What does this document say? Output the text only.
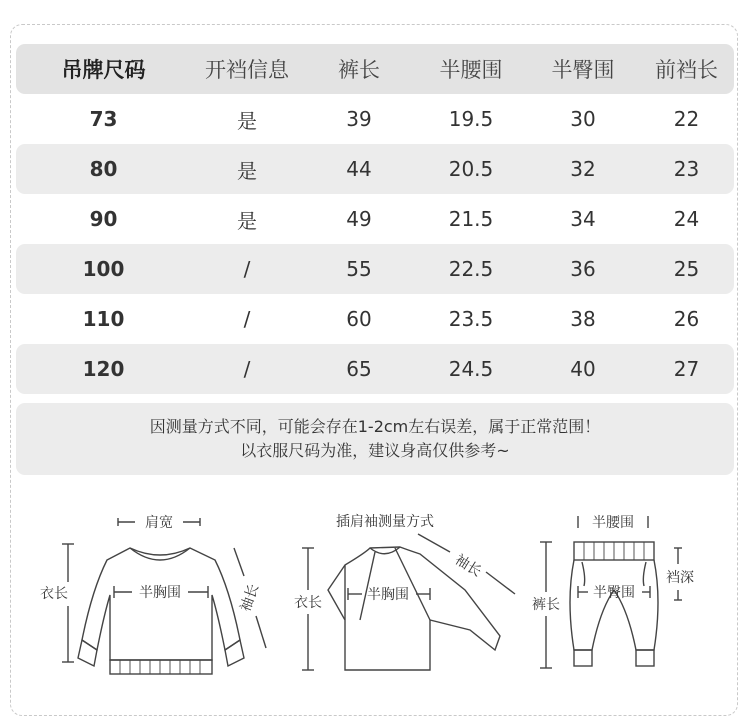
吊牌尺码	开裆信息	裤长	半腰围	半臀围	前裆长
73	是	39	19.5	30	22
80	是	44	20.5	32	23
90	是	49	21.5	34	24
100	/	55	22.5	36	25
110	/	60	23.5	38	26
120	/	65	24.5	40	27
因测量方式不同，可能会存在1-2cm左右误差，属于正常范围！
以衣服尺码为准，建议身高仅供参考~
肩宽
半胸围
衣长	袖长
插肩袖测量方式
半胸围
衣长
袖长
半腰围
半臀围
裤长
裆深
